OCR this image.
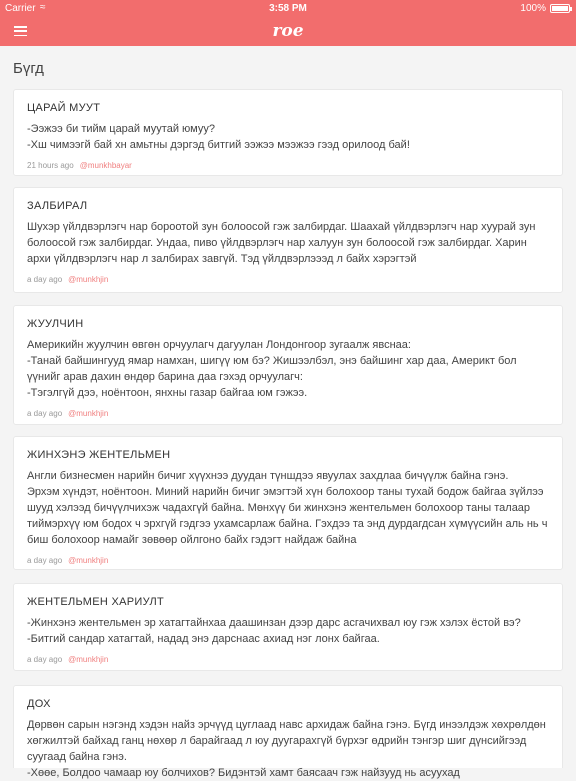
Carrier ≈	3:58 PM	100%
roe
Бүгд
ЦАРАЙ МУУТ
-Ээжээ би тийм царай муутай юмуу?
-Хш чимээгй бай хн амьтны дэргэд битгий ээжээ мээжээ гээд орилоод бай!
21 hours ago @munkhbayar
ЗАЛБИРАЛ
Шухэр үйлдвэрлэгч нар бороотой зун болоосой гэж залбирдаг. Шаахай үйлдвэрлэгч нар хуурай зун болоосой гэж залбирдаг. Ундаа, пиво үйлдвэрлэгч нар халуун зун болоосой гэж залбирдаг. Харин архи үйлдвэрлэгч нар л залбирах завгүй. Тэд үйлдвэрлэээд л байх хэрэгтэй
a day ago @munkhjin
ЖУУЛЧИН
Америкийн жуулчин өвгөн орчуулагч дагуулан Лондонгоор зугаалж явснаа:
-Танай байшингууд ямар намхан, шигүү юм бэ? Жишээлбэл, энэ байшинг хар даа, Америкт бол үүнийг арав дахин өндөр барина даа гэхэд орчуулагч:
-Тэгэлгүй дээ, ноёнтоон, янхны газар байгаа юм гэжээ.
a day ago @munkhjin
ЖИНХЭНЭ ЖЕНТЕЛЬМЕН
Англи бизнесмен нарийн бичиг хүүхнээ дуудан түншдээ явуулах захдлаа бичүүлж байна гэнэ.
Эрхэм хүндэт, ноёнтоон. Миний нарийн бичиг эмэгтэй хүн болохоор таны тухай бодож байгаа зүйлээ шууд хэлээд бичүүлчихэж чадахгүй байна. Мөнхүү би жинхэнэ жентельмен болохоор таны талаар тиймэрхүү юм бодох ч эрхгүй гэдгээ ухамсарлаж байна. Гэхдээ та энд дурдагдсан хүмүүсийн аль нь ч биш болохоор намайг зөвөөр ойлгоно байх гэдэгт найдаж байна
a day ago @munkhjin
ЖЕНТЕЛЬМЕН ХАРИУЛТ
-Жинхэнэ жентельмен эр хатагтайнхаа даашинзан дээр дарс асгачихвал юу гэж хэлэх ёстой вэ?
-Битгий сандар хатагтай, надад энэ дарснаас ахиад нэг лонх байгаа.
a day ago @munkhjin
ДОХ
Дөрвөн сарын нэгэнд хэдэн найз эрчүүд цуглаад навс архидаж байна гэнэ. Бүгд инээлдэж хөхрөлдөн хөгжилтэй байхад ганц нөхөр л барайгаад л юу дуугарахгүй бүрхэг өдрийн тэнгэр шиг дүнсийгээд суугаад байна гэнэ.
-Хөөе, Болдоо чамаар юу болчихов? Бидэнтэй хамт баясаач гэж найзууд нь асуухад
